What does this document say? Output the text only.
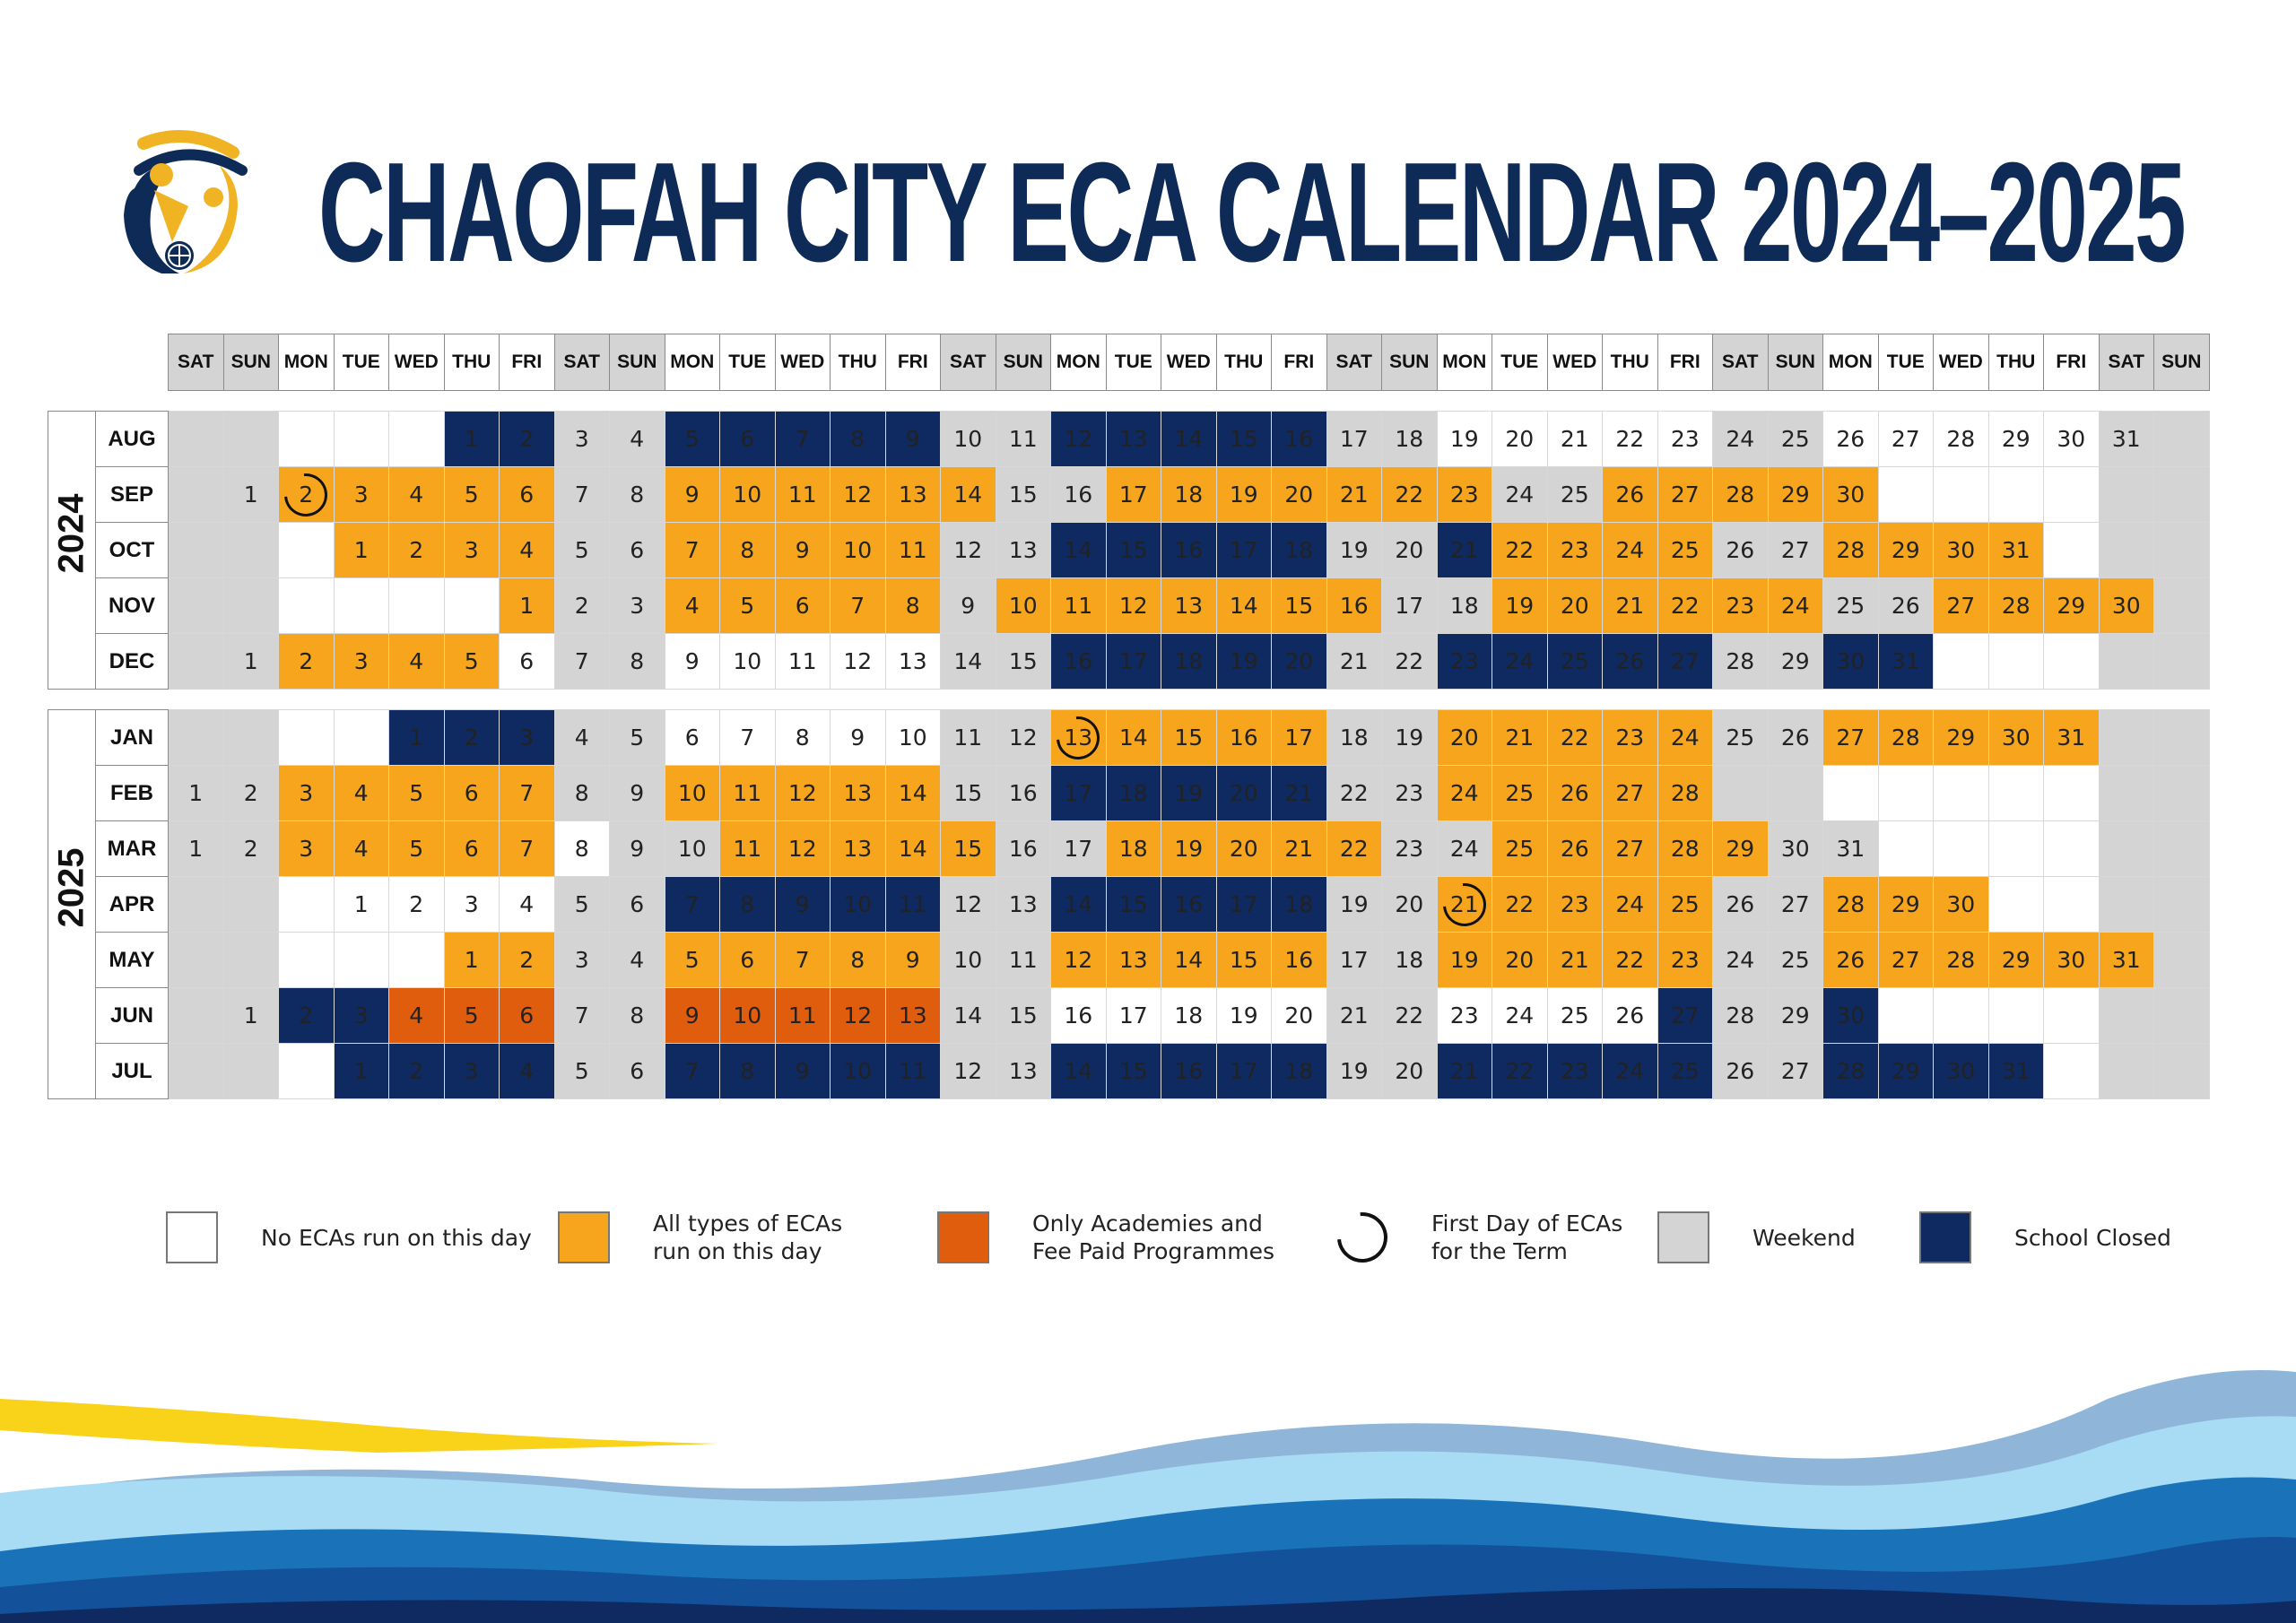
CHAOFAH CITY ECA CALENDAR 2024–2025
		SAT	SUN	MON	TUE	WED	THU	FRI	SAT	SUN	MON	TUE	WED	THU	FRI	SAT	SUN	MON	TUE	WED	THU	FRI	SAT	SUN	MON	TUE	WED	THU	FRI	SAT	SUN	MON	TUE	WED	THU	FRI	SAT	SUN

2024	AUG						1	2	3	4	5	6	7	8	9	10	11	12	13	14	15	16	17	18	19	20	21	22	23	24	25	26	27	28	29	30	31	
	SEP		1	2	3	4	5	6	7	8	9	10	11	12	13	14	15	16	17	18	19	20	21	22	23	24	25	26	27	28	29	30						
	OCT				1	2	3	4	5	6	7	8	9	10	11	12	13	14	15	16	17	18	19	20	21	22	23	24	25	26	27	28	29	30	31			
	NOV							1	2	3	4	5	6	7	8	9	10	11	12	13	14	15	16	17	18	19	20	21	22	23	24	25	26	27	28	29	30	
	DEC		1	2	3	4	5	6	7	8	9	10	11	12	13	14	15	16	17	18	19	20	21	22	23	24	25	26	27	28	29	30	31					

2025	JAN					1	2	3	4	5	6	7	8	9	10	11	12	13	14	15	16	17	18	19	20	21	22	23	24	25	26	27	28	29	30	31		
	FEB	1	2	3	4	5	6	7	8	9	10	11	12	13	14	15	16	17	18	19	20	21	22	23	24	25	26	27	28									
	MAR	1	2	3	4	5	6	7	8	9	10	11	12	13	14	15	16	17	18	19	20	21	22	23	24	25	26	27	28	29	30	31						
	APR				1	2	3	4	5	6	7	8	9	10	11	12	13	14	15	16	17	18	19	20	21	22	23	24	25	26	27	28	29	30				
	MAY						1	2	3	4	5	6	7	8	9	10	11	12	13	14	15	16	17	18	19	20	21	22	23	24	25	26	27	28	29	30	31	
	JUN		1	2	3	4	5	6	7	8	9	10	11	12	13	14	15	16	17	18	19	20	21	22	23	24	25	26	27	28	29	30						
	JUL				1	2	3	4	5	6	7	8	9	10	11	12	13	14	15	16	17	18	19	20	21	22	23	24	25	26	27	28	29	30	31			
No ECAs run on this day
All types of ECAs
run on this day
Only Academies and
Fee Paid Programmes
First Day of ECAs
for the Term
Weekend	School Closed
